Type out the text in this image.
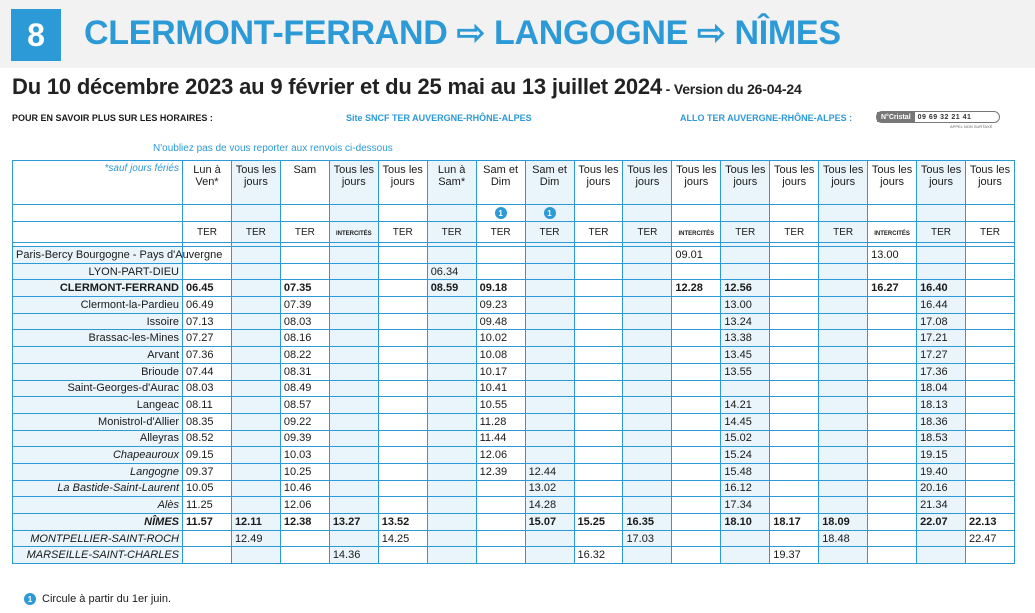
8	CLERMONT-FERRAND ⇨ LANGOGNE ⇨ NÎMES
Du 10 décembre 2023 au 9 février et du 25 mai au 13 juillet 2024 - Version du 26-04-24
POUR EN SAVOIR PLUS SUR LES HORAIRES :	Site SNCF TER AUVERGNE-RHÔNE-ALPES	ALLO TER AUVERGNE-RHÔNE-ALPES :	N°Cristal	09 69 32 21 41
APPEL NON SURTAXÉ
N'oubliez pas de vous reporter aux renvois ci-dessous
*sauf jours fériés	Lun à Ven*	Tous les jours	Sam	Tous les jours	Tous les jours	Lun à Sam*	Sam et Dim	Sam et Dim	Tous les jours	Tous les jours	Tous les jours	Tous les jours	Tous les jours	Tous les jours	Tous les jours	Tous les jours	Tous les jours
							1	1									
	TER	TER	TER	INTERCITÉS	TER	TER	TER	TER	TER	TER	INTERCITÉS	TER	TER	TER	INTERCITÉS	TER	TER

Paris-Bercy Bourgogne - Pays d'Auvergne											09.01				13.00		
LYON-PART-DIEU						06.34											
CLERMONT-FERRAND	06.45		07.35			08.59	09.18				12.28	12.56			16.27	16.40	
Clermont-la-Pardieu	06.49		07.39				09.23					13.00				16.44	
Issoire	07.13		08.03				09.48					13.24				17.08	
Brassac-les-Mines	07.27		08.16				10.02					13.38				17.21	
Arvant	07.36		08.22				10.08					13.45				17.27	
Brioude	07.44		08.31				10.17					13.55				17.36	
Saint-Georges-d'Aurac	08.03		08.49				10.41									18.04	
Langeac	08.11		08.57				10.55					14.21				18.13	
Monistrol-d'Allier	08.35		09.22				11.28					14.45				18.36	
Alleyras	08.52		09.39				11.44					15.02				18.53	
Chapeauroux	09.15		10.03				12.06					15.24				19.15	
Langogne	09.37		10.25				12.39	12.44				15.48				19.40	
La Bastide-Saint-Laurent	10.05		10.46					13.02				16.12				20.16	
Alès	11.25		12.06					14.28				17.34				21.34	
NÎMES	11.57	12.11	12.38	13.27	13.52			15.07	15.25	16.35		18.10	18.17	18.09		22.07	22.13
MONTPELLIER-SAINT-ROCH		12.49			14.25					17.03				18.48			22.47
MARSEILLE-SAINT-CHARLES				14.36					16.32				19.37				
1 Circule à partir du 1er juin.
